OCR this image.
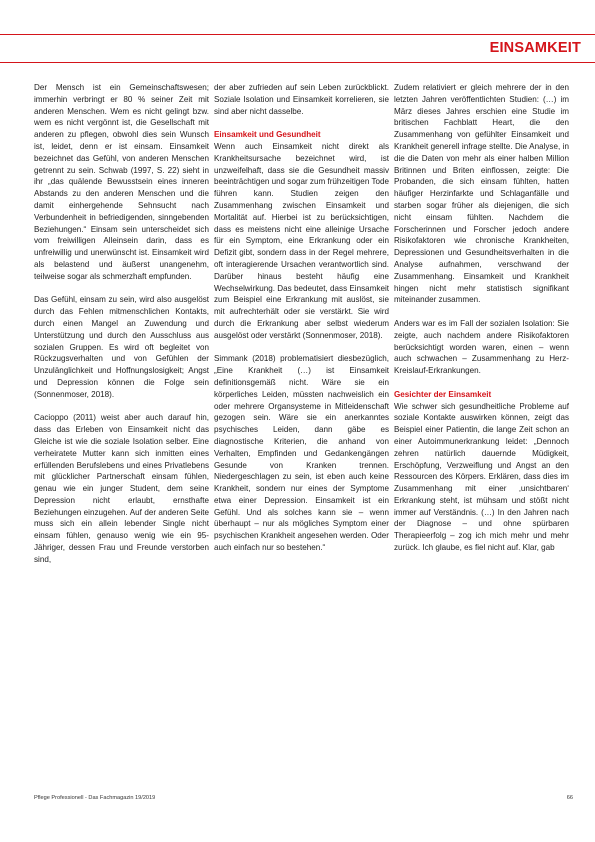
EINSAMKEIT

Der Mensch ist ein Gemeinschaftswesen; immerhin verbringt er 80 % seiner Zeit mit anderen Menschen. Wem es nicht gelingt bzw. wem es nicht vergönnt ist, die Gesellschaft mit anderen zu pflegen, obwohl dies sein Wunsch ist, leidet, denn er ist einsam. Einsamkeit bezeichnet das Gefühl, von anderen Menschen getrennt zu sein. Schwab (1997, S. 22) sieht in ihr „das quälende Bewusstsein eines inneren Abstands zu den anderen Menschen und die damit einhergehende Sehnsucht nach Verbundenheit in befriedigenden, sinngebenden Beziehungen.“ Einsam sein unterscheidet sich vom freiwilligen Alleinsein darin, dass es unfreiwillig und unerwünscht ist. Einsamkeit wird als belastend und äußerst unangenehm, teilweise sogar als schmerzhaft empfunden.

Das Gefühl, einsam zu sein, wird also ausgelöst durch das Fehlen mitmenschlichen Kontakts, durch einen Mangel an Zuwendung und Unterstützung und durch den Ausschluss aus sozialen Gruppen. Es wird oft begleitet von Rückzugsverhalten und von Gefühlen der Unzulänglichkeit und Hoffnungslosigkeit; Angst und Depression können die Folge sein (Sonnenmoser, 2018).

Cacioppo (2011) weist aber auch darauf hin, dass das Erleben von Einsamkeit nicht das Gleiche ist wie die soziale Isolation selber. Eine verheiratete Mutter kann sich inmitten eines erfüllenden Berufslebens und eines Privatlebens mit glücklicher Partnerschaft einsam fühlen, genau wie ein junger Student, dem seine Depression nicht erlaubt, ernsthafte Beziehungen einzugehen. Auf der anderen Seite muss sich ein allein lebender Single nicht einsam fühlen, genauso wenig wie ein 95-Jähriger, dessen Frau und Freunde verstorben sind,

der aber zufrieden auf sein Leben zurückblickt. Soziale Isolation und Einsamkeit korrelieren, sie sind aber nicht dasselbe.

Einsamkeit und Gesundheit

Wenn auch Einsamkeit nicht direkt als Krankheitsursache bezeichnet wird, ist unzweifelhaft, dass sie die Gesundheit massiv beeinträchtigen und sogar zum frühzeitigen Tode führen kann. Studien zeigen den Zusammenhang zwischen Einsamkeit und Mortalität auf. Hierbei ist zu berücksichtigen, dass es meistens nicht eine alleinige Ursache für ein Symptom, eine Erkrankung oder ein Defizit gibt, sondern dass in der Regel mehrere, oft interagierende Ursachen verantwortlich sind. Darüber hinaus besteht häufig eine Wechselwirkung. Das bedeutet, dass Einsamkeit zum Beispiel eine Erkrankung mit auslöst, sie mit aufrechterhält oder sie verstärkt. Sie wird durch die Erkrankung aber selbst wiederum ausgelöst oder verstärkt (Sonnenmoser, 2018).

Simmank (2018) problematisiert diesbezüglich, „Eine Krankheit (…) ist Einsamkeit definitionsgemäß nicht. Wäre sie ein körperliches Leiden, müssten nachweislich ein oder mehrere Organsysteme in Mitleidenschaft gezogen sein. Wäre sie ein anerkanntes psychisches Leiden, dann gäbe es diagnostische Kriterien, die anhand von Verhalten, Empfinden und Gedankengängen Gesunde von Kranken trennen. Niedergeschlagen zu sein, ist eben auch keine Krankheit, sondern nur eines der Symptome etwa einer Depression. Einsamkeit ist ein Gefühl. Und als solches kann sie – wenn überhaupt – nur als mögliches Symptom einer psychischen Krankheit angesehen werden. Oder auch einfach nur so bestehen.“

Zudem relativiert er gleich mehrere der in den letzten Jahren veröffentlichten Studien: (…) im März dieses Jahres erschien eine Studie im britischen Fachblatt Heart, die den Zusammenhang von gefühlter Einsamkeit und Krankheit generell infrage stellte. Die Analyse, in die die Daten von mehr als einer halben Million Britinnen und Briten einflossen, zeigte: Die Probanden, die sich einsam fühlten, hatten häufiger Herzinfarkte und Schlaganfälle und starben sogar früher als diejenigen, die sich nicht einsam fühlten. Nachdem die Forscherinnen und Forscher jedoch andere Risikofaktoren wie chronische Krankheiten, Depressionen und Gesundheitsverhalten in die Analyse aufnahmen, verschwand der Zusammenhang. Einsamkeit und Krankheit hingen nicht mehr statistisch signifikant miteinander zusammen.

Anders war es im Fall der sozialen Isolation: Sie zeigte, auch nachdem andere Risikofaktoren berücksichtigt worden waren, einen – wenn auch schwachen – Zusammenhang zu Herz-Kreislauf-Erkrankungen.

Gesichter der Einsamkeit

Wie schwer sich gesundheitliche Probleme auf soziale Kontakte auswirken können, zeigt das Beispiel einer Patientin, die lange Zeit schon an einer Autoimmunerkrankung leidet: „Dennoch zehren natürlich dauernde Müdigkeit, Erschöpfung, Verzweiflung und Angst an den Ressourcen des Körpers. Erklären, dass dies im Zusammenhang mit einer ‚unsichtbaren‘ Erkrankung steht, ist mühsam und stößt nicht immer auf Verständnis. (…) In den Jahren nach der Diagnose – und ohne spürbaren Therapieerfolg – zog ich mich mehr und mehr zurück. Ich glaube, es fiel nicht auf. Klar, gab

Pflege Professionell - Das Fachmagazin 19/2019	66
